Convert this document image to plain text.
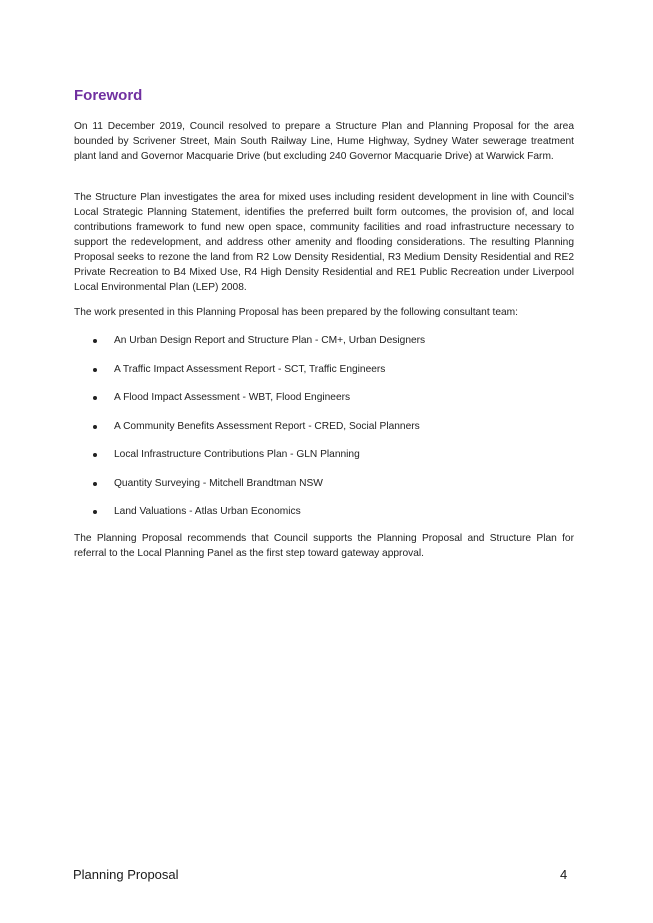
Foreword

On 11 December 2019, Council resolved to prepare a Structure Plan and Planning Proposal for the area bounded by Scrivener Street, Main South Railway Line, Hume Highway, Sydney Water sewerage treatment plant land and Governor Macquarie Drive (but excluding 240 Governor Macquarie Drive) at Warwick Farm.

The Structure Plan investigates the area for mixed uses including resident development in line with Council’s Local Strategic Planning Statement, identifies the preferred built form outcomes, the provision of, and local contributions framework to fund new open space, community facilities and road infrastructure necessary to support the redevelopment, and address other amenity and flooding considerations. The resulting Planning Proposal seeks to rezone the land from R2 Low Density Residential, R3 Medium Density Residential and RE2 Private Recreation to B4 Mixed Use, R4 High Density Residential and RE1 Public Recreation under Liverpool Local Environmental Plan (LEP) 2008.

The work presented in this Planning Proposal has been prepared by the following consultant team:

An Urban Design Report and Structure Plan - CM+, Urban Designers
A Traffic Impact Assessment Report - SCT, Traffic Engineers
A Flood Impact Assessment - WBT, Flood Engineers
A Community Benefits Assessment Report - CRED, Social Planners
Local Infrastructure Contributions Plan - GLN Planning
Quantity Surveying - Mitchell Brandtman NSW
Land Valuations - Atlas Urban Economics

The Planning Proposal recommends that Council supports the Planning Proposal and Structure Plan for referral to the Local Planning Panel as the first step toward gateway approval.

Planning Proposal	4
